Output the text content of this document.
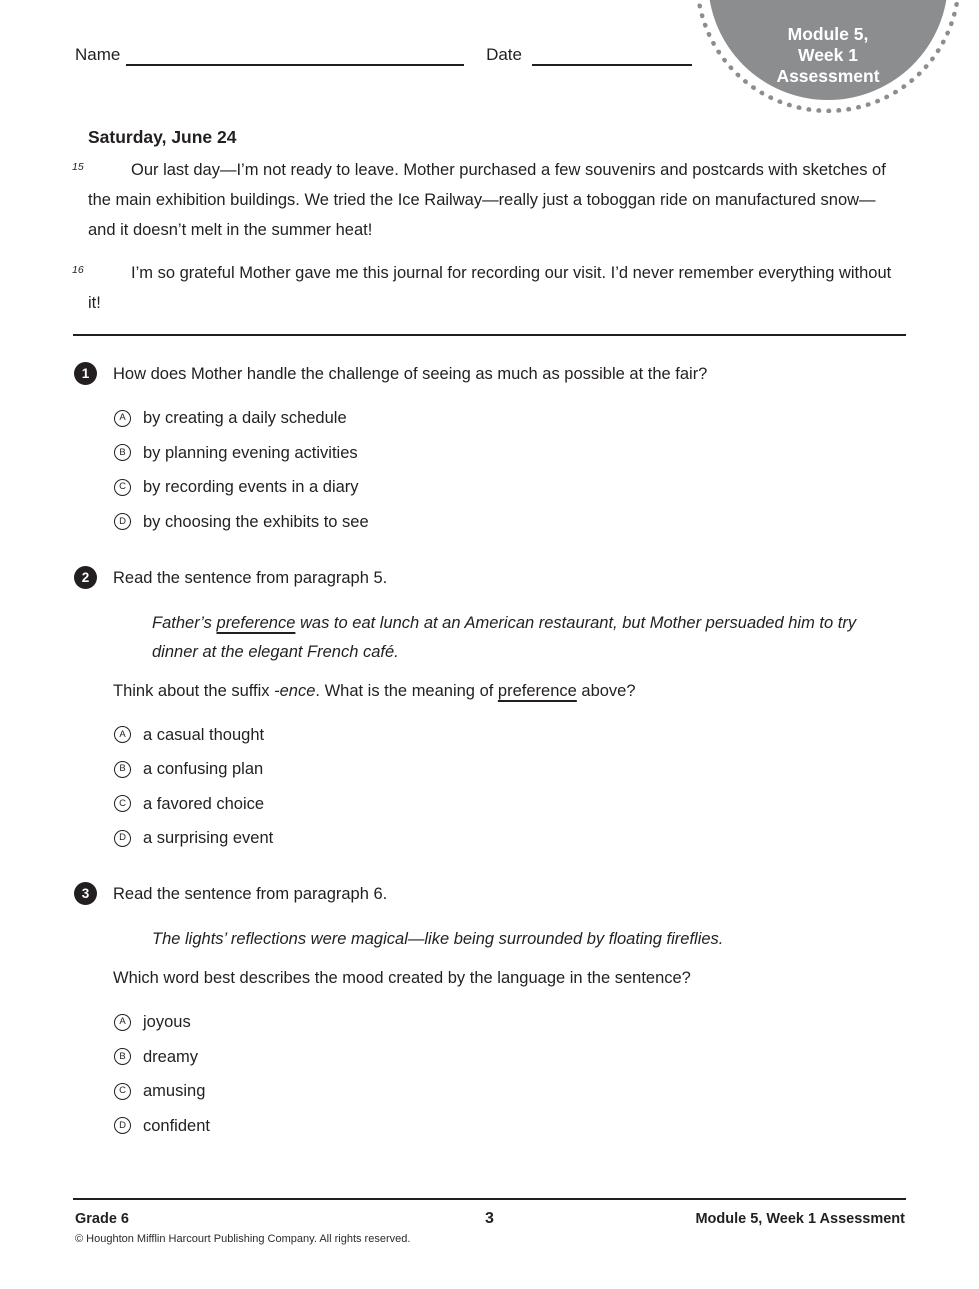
Name	Date
Module 5,
Week 1
Assessment
Saturday, June 24
15	Our last day—I’m not ready to leave. Mother purchased a few souvenirs and postcards with sketches of the main exhibition buildings. We tried the Ice Railway—really just a toboggan ride on manufactured snow—and it doesn’t melt in the summer heat!
16	I’m so grateful Mother gave me this journal for recording our visit. I’d never remember everything without it!
1	How does Mother handle the challenge of seeing as much as possible at the fair?
A	by creating a daily schedule
B	by planning evening activities
C	by recording events in a diary
D	by choosing the exhibits to see
2	Read the sentence from paragraph 5.
Father’s preference was to eat lunch at an American restaurant, but Mother persuaded him to try dinner at the elegant French café.
Think about the suffix -ence. What is the meaning of preference above?
A	a casual thought
B	a confusing plan
C	a favored choice
D	a surprising event
3	Read the sentence from paragraph 6.
The lights’ reflections were magical—like being surrounded by floating fireflies.
Which word best describes the mood created by the language in the sentence?
A	joyous
B	dreamy
C	amusing
D	confident
Grade 6	3	Module 5, Week 1 Assessment
© Houghton Mifflin Harcourt Publishing Company. All rights reserved.
